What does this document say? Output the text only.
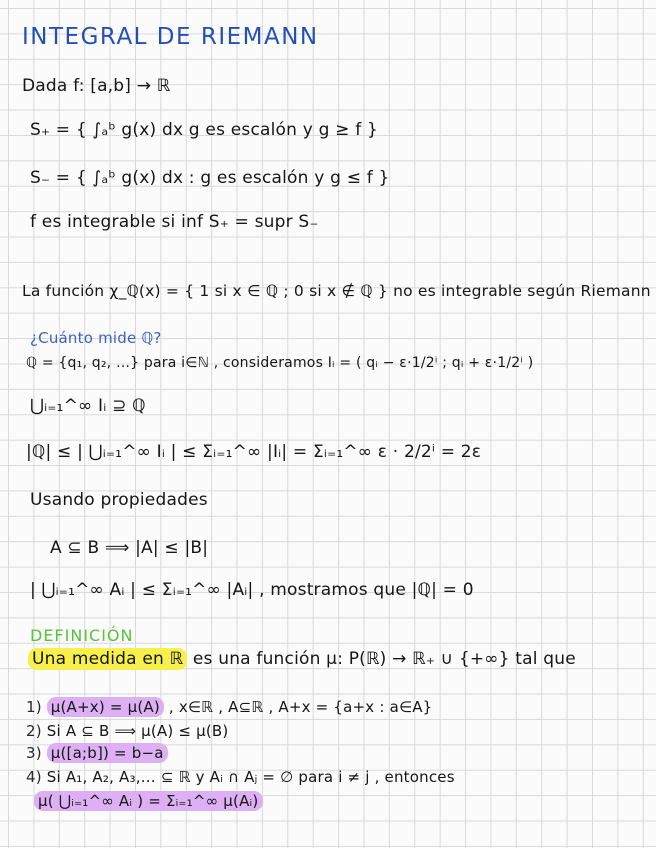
INTEGRAL DE RIEMANN
Dada f: [a,b] → ℝ
S₊ = { ∫ₐᵇ g(x) dx g es escalón y g ≥ f }
S₋ = { ∫ₐᵇ g(x) dx : g es escalón y g ≤ f }
f es integrable si inf S₊ = supr S₋
La función χ_ℚ(x) = { 1 si x ∈ ℚ ; 0 si x ∉ ℚ } no es integrable según Riemann
¿Cuánto mide ℚ?
ℚ = {q₁, q₂, …} para i∈ℕ , consideramos Iᵢ = ( qᵢ − ε·1/2ⁱ ; qᵢ + ε·1/2ⁱ )
⋃ᵢ₌₁^∞ Iᵢ ⊇ ℚ
|ℚ| ≤ | ⋃ᵢ₌₁^∞ Iᵢ | ≤ Σᵢ₌₁^∞ |Iᵢ| = Σᵢ₌₁^∞ ε · 2/2ⁱ = 2ε
Usando propiedades
A ⊆ B ⟹ |A| ≤ |B|
| ⋃ᵢ₌₁^∞ Aᵢ | ≤ Σᵢ₌₁^∞ |Aᵢ| , mostramos que |ℚ| = 0
DEFINICIÓN
Una medida en ℝ es una función μ: P(ℝ) → ℝ₊ ∪ {+∞} tal que
1) μ(A+x) = μ(A) , x∈ℝ , A⊆ℝ , A+x = {a+x : a∈A}
2) Si A ⊆ B ⟹ μ(A) ≤ μ(B)
3) μ([a;b]) = b−a
4) Si A₁, A₂, A₃,… ⊆ ℝ y Aᵢ ∩ Aⱼ = ∅ para i ≠ j , entonces
μ( ⋃ᵢ₌₁^∞ Aᵢ ) = Σᵢ₌₁^∞ μ(Aᵢ)
